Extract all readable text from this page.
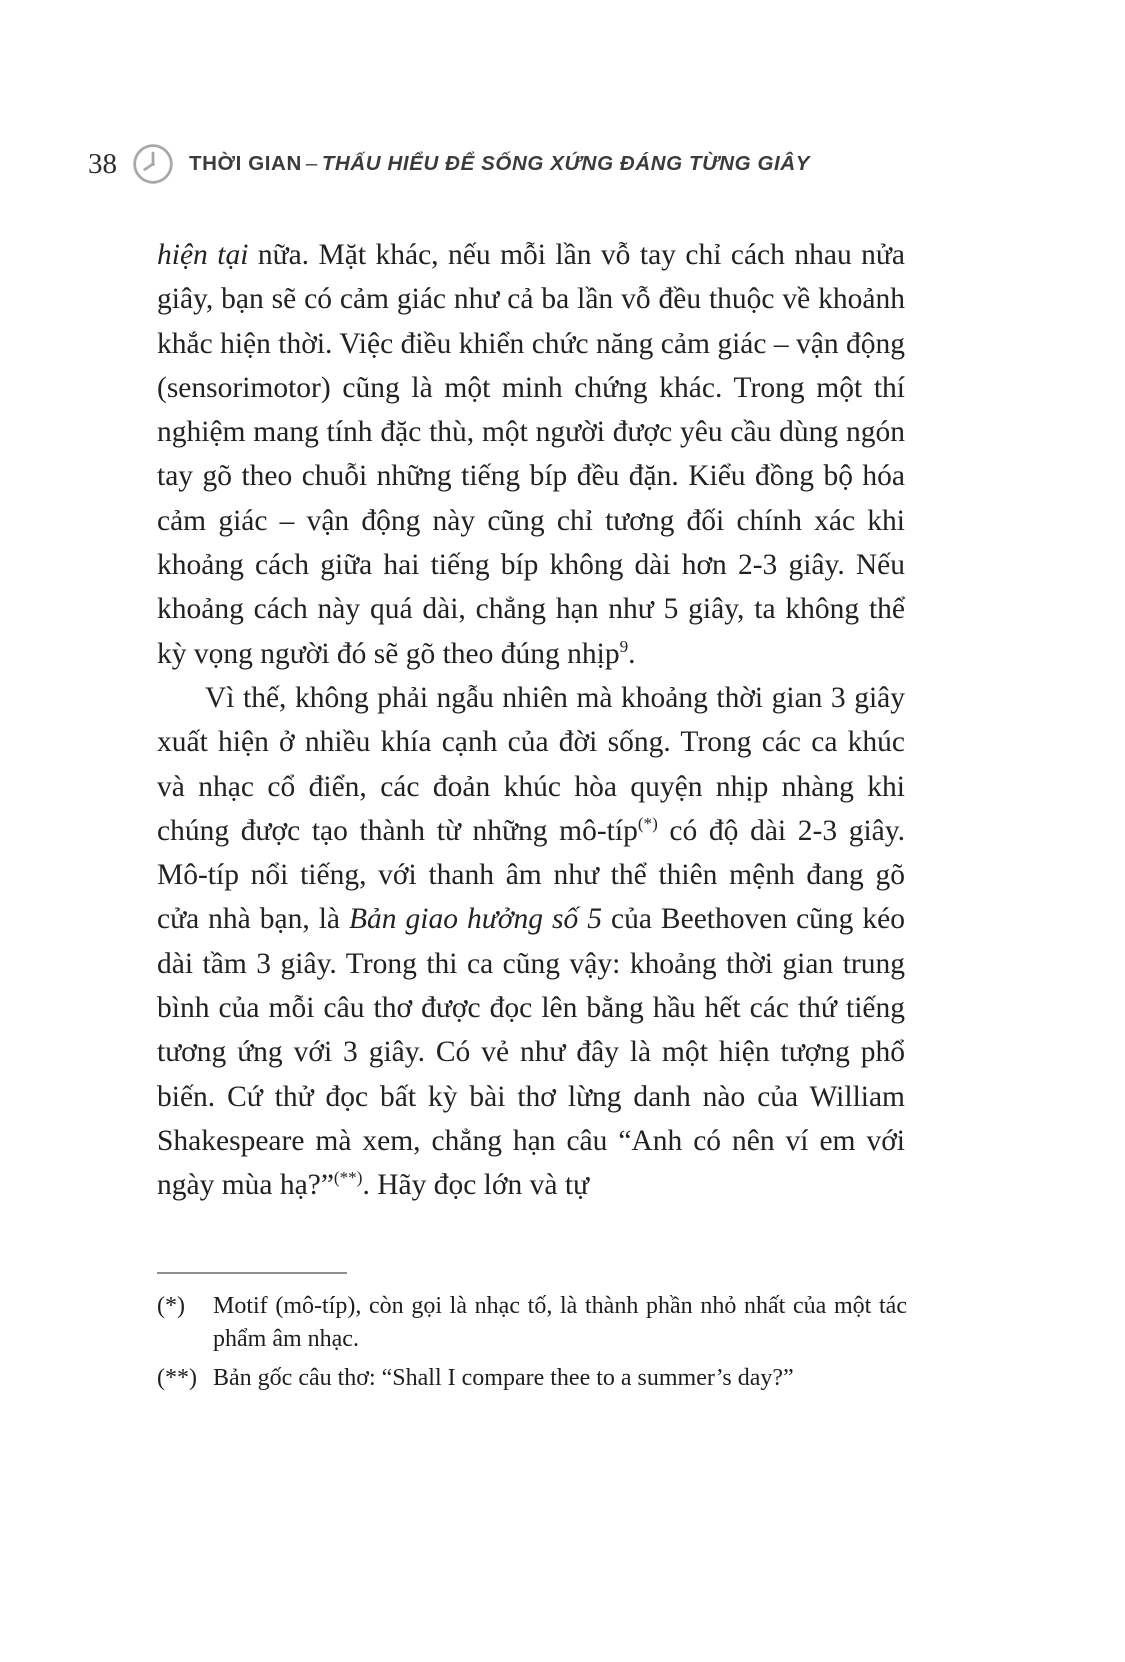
38	THỜI GIAN – THẤU HIỂU ĐỂ SỐNG XỨNG ĐÁNG TỪNG GIÂY

hiện tại nữa. Mặt khác, nếu mỗi lần vỗ tay chỉ cách nhau nửa giây, bạn sẽ có cảm giác như cả ba lần vỗ đều thuộc về khoảnh khắc hiện thời. Việc điều khiển chức năng cảm giác – vận động (sensorimotor) cũng là một minh chứng khác. Trong một thí nghiệm mang tính đặc thù, một người được yêu cầu dùng ngón tay gõ theo chuỗi những tiếng bíp đều đặn. Kiểu đồng bộ hóa cảm giác – vận động này cũng chỉ tương đối chính xác khi khoảng cách giữa hai tiếng bíp không dài hơn 2-3 giây. Nếu khoảng cách này quá dài, chẳng hạn như 5 giây, ta không thể kỳ vọng người đó sẽ gõ theo đúng nhịp$^9$.

Vì thế, không phải ngẫu nhiên mà khoảng thời gian 3 giây xuất hiện ở nhiều khía cạnh của đời sống. Trong các ca khúc và nhạc cổ điển, các đoản khúc hòa quyện nhịp nhàng khi chúng được tạo thành từ những mô-típ(*) có độ dài 2-3 giây. Mô-típ nổi tiếng, với thanh âm như thể thiên mệnh đang gõ cửa nhà bạn, là Bản giao hưởng số 5 của Beethoven cũng kéo dài tầm 3 giây. Trong thi ca cũng vậy: khoảng thời gian trung bình của mỗi câu thơ được đọc lên bằng hầu hết các thứ tiếng tương ứng với 3 giây. Có vẻ như đây là một hiện tượng phổ biến. Cứ thử đọc bất kỳ bài thơ lừng danh nào của William Shakespeare mà xem, chẳng hạn câu “Anh có nên ví em với ngày mùa hạ?”(**). Hãy đọc lớn và tự

(*)	Motif (mô-típ), còn gọi là nhạc tố, là thành phần nhỏ nhất của một tác phẩm âm nhạc.
(**) Bản gốc câu thơ: “Shall I compare thee to a summer’s day?”
